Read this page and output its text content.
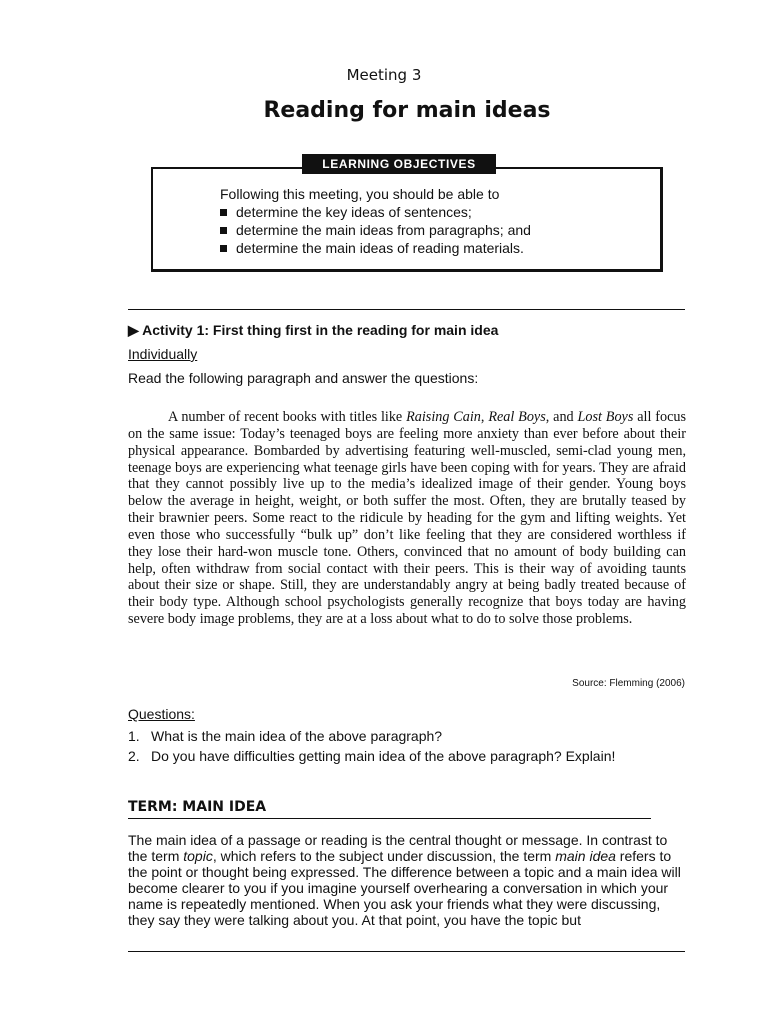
Meeting 3
Reading for main ideas
LEARNING OBJECTIVES
Following this meeting, you should be able to
determine the key ideas of sentences;
determine the main ideas from paragraphs; and
determine the main ideas of reading materials.
▶ Activity 1: First thing first in the reading for main idea
Individually
Read the following paragraph and answer the questions:
A number of recent books with titles like Raising Cain, Real Boys, and Lost Boys all focus on the same issue: Today’s teenaged boys are feeling more anxiety than ever before about their physical appearance. Bombarded by advertising featuring well-muscled, semi-clad young men, teenage boys are experiencing what teenage girls have been coping with for years. They are afraid that they cannot possibly live up to the media’s idealized image of their gender. Young boys below the average in height, weight, or both suffer the most. Often, they are brutally teased by their brawnier peers. Some react to the ridicule by heading for the gym and lifting weights. Yet even those who successfully “bulk up” don’t like feeling that they are considered worthless if they lose their hard-won muscle tone. Others, convinced that no amount of body building can help, often withdraw from social contact with their peers. This is their way of avoiding taunts about their size or shape. Still, they are understandably angry at being badly treated because of their body type. Although school psychologists generally recognize that boys today are having severe body image problems, they are at a loss about what to do to solve those problems.
Source: Flemming (2006)
Questions:
1. What is the main idea of the above paragraph?
2. Do you have difficulties getting main idea of the above paragraph? Explain!
TERM: MAIN IDEA
The main idea of a passage or reading is the central thought or message. In contrast to the term topic, which refers to the subject under discussion, the term main idea refers to the point or thought being expressed. The difference between a topic and a main idea will become clearer to you if you imagine yourself overhearing a conversation in which your name is repeatedly mentioned. When you ask your friends what they were discussing, they say they were talking about you. At that point, you have the topic but
